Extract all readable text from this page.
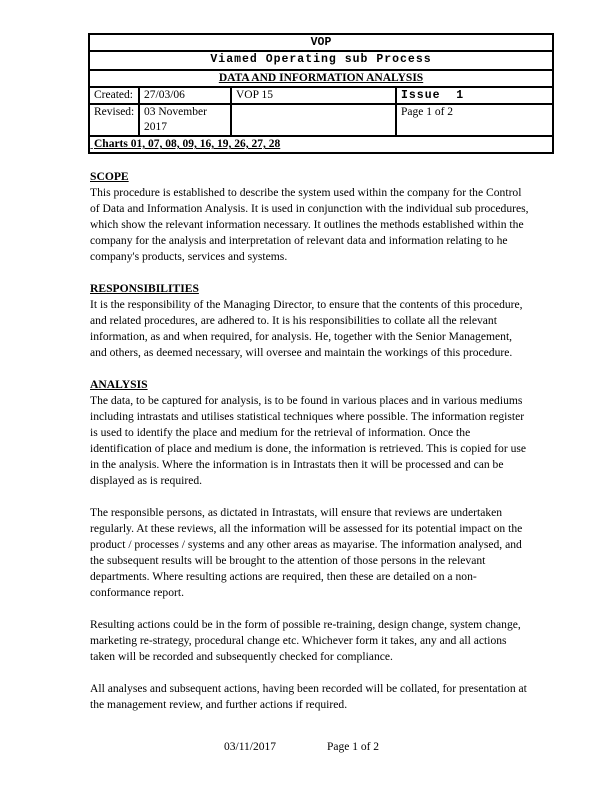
VOP			
Viamed Operating sub Process			
DATA AND INFORMATION ANALYSIS			
Created:	27/03/06	VOP 15	Issue  1
Revised:	03 November 2017		Page 1 of 2
Charts 01, 07, 08, 09, 16, 19, 26, 27, 28			
-
SCOPE

This procedure is established to describe the system used within the company for the Control of Data and Information Analysis. It is used in conjunction with the individual sub procedures, which show the relevant information necessary. It outlines the methods established within the company for the analysis and interpretation of relevant data and information relating to he company's products, services and systems.

RESPONSIBILITIES

It is the responsibility of the Managing Director, to ensure that the contents of this procedure, and related procedures, are adhered to. It is his responsibilities to collate all the relevant information, as and when required, for analysis. He, together with the Senior Management, and others, as deemed necessary, will oversee and maintain the workings of this procedure.

ANALYSIS

The data, to be captured for analysis, is to be found in various places and in various mediums including intrastats and utilises statistical techniques where possible. The information register is used to identify the place and medium for the retrieval of information. Once the identification of place and medium is done, the information is retrieved. This is copied for use in the analysis. Where the information is in Intrastats then it will be processed and can be displayed as is required.

The responsible persons, as dictated in Intrastats, will ensure that reviews are undertaken regularly. At these reviews, all the information will be assessed for its potential impact on the product / processes / systems and any other areas as mayarise. The information analysed, and the subsequent results will be brought to the attention of those persons in the relevant departments. Where resulting actions are required, then these are detailed on a non-conformance report.

Resulting actions could be in the form of possible re-training, design change, system change, marketing re-strategy, procedural change etc. Whichever form it takes, any and all actions taken will be recorded and subsequently checked for compliance.

All analyses and subsequent actions, having been recorded will be collated, for presentation at the management review, and further actions if required.

03/11/2017	Page 1 of 2
